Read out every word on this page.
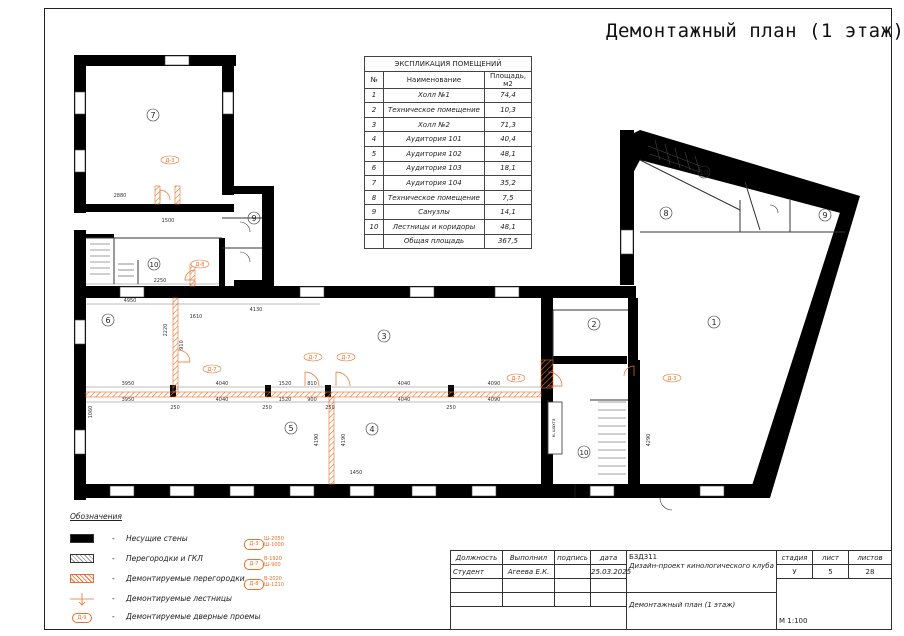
Демонтажный план (1 этаж)
м. шахта
1
2
3
4
5
6
7
8
9	9
10
10
10
Д-3
Д-8
Д-7
Д-7	Д-7
Д-7	Д-3
2880
1500
2250
4950
4130
1610
3950	4040	1520	4040	4090
3950	4040	1520	4040	4090
1450
810
900
250	250	250	250
4190	4190	4290
2220
910
1060
ЭКСПЛИКАЦИЯ ПОМЕЩЕНИЙ		
№	Наименование	Площадь, м2
1	Холл №1	74,4
2	Техническое помещение	10,3
3	Холл №2	71,3
4	Аудитория 101	40,4
5	Аудитория 102	48,1
6	Аудитория 103	18,1
7	Аудитория 104	35,2
8	Техническое помещение	7,5
9	Санузлы	14,1
10	Лестницы и коридоры	48,1
	Общая площадь	367,5
Обозначения
- Несущие стены
- Перегородки и ГКЛ
- Демонтируемые перегородки
- Демонтируемые лестницы
Д-9	- Демонтируемые дверные проемы
Д-3
Ш-2050
Ш-1000
Д-7
В-1920
Ш-900
Д-8
В-2020
Ш-1210
Должность	Выполнил	подпись	дата
Студент	Агеева Е.К.	25.03.2025
БЗД311
Дизайн-проект кинологического клуба
Демонтажный план (1 этаж)
стадия	лист	листов
У	5	28
М 1:100
